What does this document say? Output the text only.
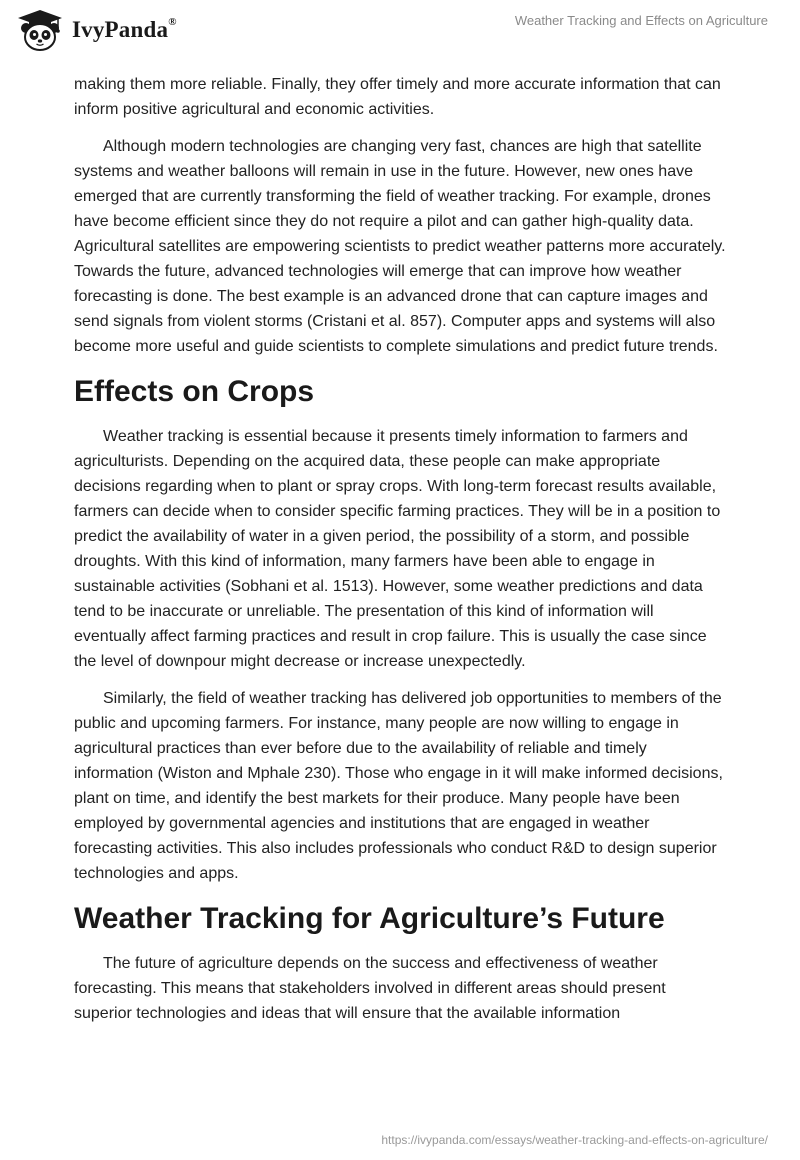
IvyPanda®	Weather Tracking and Effects on Agriculture

making them more reliable. Finally, they offer timely and more accurate information that can inform positive agricultural and economic activities.

Although modern technologies are changing very fast, chances are high that satellite systems and weather balloons will remain in use in the future. However, new ones have emerged that are currently transforming the field of weather tracking. For example, drones have become efficient since they do not require a pilot and can gather high-quality data. Agricultural satellites are empowering scientists to predict weather patterns more accurately. Towards the future, advanced technologies will emerge that can improve how weather forecasting is done. The best example is an advanced drone that can capture images and send signals from violent storms (Cristani et al. 857). Computer apps and systems will also become more useful and guide scientists to complete simulations and predict future trends.

Effects on Crops

Weather tracking is essential because it presents timely information to farmers and agriculturists. Depending on the acquired data, these people can make appropriate decisions regarding when to plant or spray crops. With long-term forecast results available, farmers can decide when to consider specific farming practices. They will be in a position to predict the availability of water in a given period, the possibility of a storm, and possible droughts. With this kind of information, many farmers have been able to engage in sustainable activities (Sobhani et al. 1513). However, some weather predictions and data tend to be inaccurate or unreliable. The presentation of this kind of information will eventually affect farming practices and result in crop failure. This is usually the case since the level of downpour might decrease or increase unexpectedly.

Similarly, the field of weather tracking has delivered job opportunities to members of the public and upcoming farmers. For instance, many people are now willing to engage in agricultural practices than ever before due to the availability of reliable and timely information (Wiston and Mphale 230). Those who engage in it will make informed decisions, plant on time, and identify the best markets for their produce. Many people have been employed by governmental agencies and institutions that are engaged in weather forecasting activities. This also includes professionals who conduct R&D to design superior technologies and apps.

Weather Tracking for Agriculture’s Future

The future of agriculture depends on the success and effectiveness of weather forecasting. This means that stakeholders involved in different areas should present superior technologies and ideas that will ensure that the available information

https://ivypanda.com/essays/weather-tracking-and-effects-on-agriculture/
